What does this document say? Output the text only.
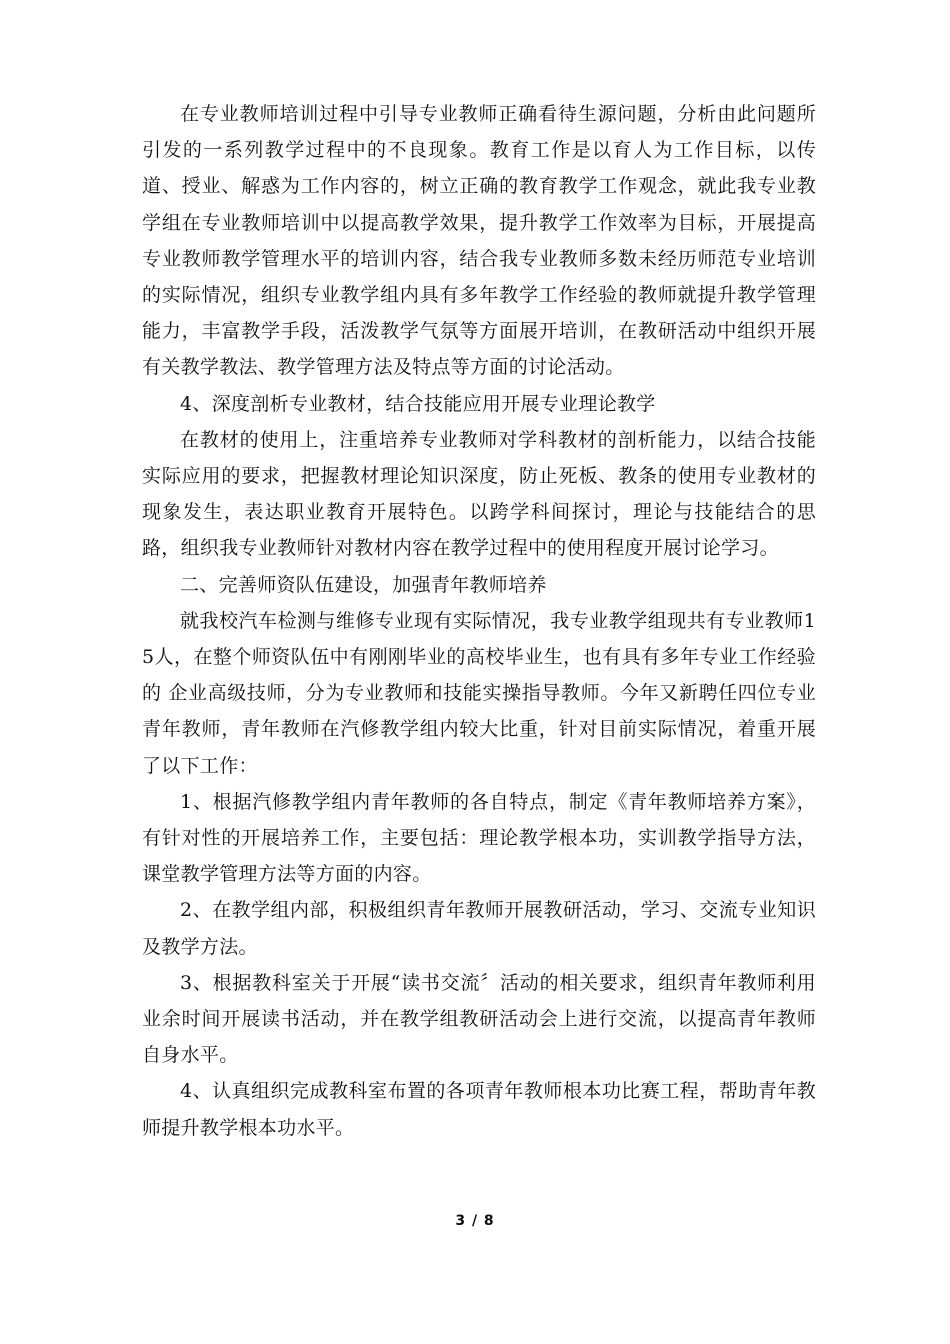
在专业教师培训过程中引导专业教师正确看待生源问题，分析由此问题所引发的一系列教学过程中的不良现象。教育工作是以育人为工作目标，以传道、授业、解惑为工作内容的，树立正确的教育教学工作观念，就此我专业教学组在专业教师培训中以提高教学效果，提升教学工作效率为目标，开展提高专业教师教学管理水平的培训内容，结合我专业教师多数未经历师范专业培训的实际情况，组织专业教学组内具有多年教学工作经验的教师就提升教学管理能力，丰富教学手段，活泼教学气氛等方面展开培训，在教研活动中组织开展有关教学教法、教学管理方法及特点等方面的讨论活动。

4、深度剖析专业教材，结合技能应用开展专业理论教学

在教材的使用上，注重培养专业教师对学科教材的剖析能力，以结合技能实际应用的要求，把握教材理论知识深度，防止死板、教条的使用专业教材的现象发生，表达职业教育开展特色。以跨学科间探讨，理论与技能结合的思路，组织我专业教师针对教材内容在教学过程中的使用程度开展讨论学习。

二、完善师资队伍建设，加强青年教师培养

就我校汽车检测与维修专业现有实际情况，我专业教学组现共有专业教师15人，在整个师资队伍中有刚刚毕业的高校毕业生，也有具有多年专业工作经验的 企业高级技师，分为专业教师和技能实操指导教师。今年又新聘任四位专业青年教师，青年教师在汽修教学组内较大比重，针对目前实际情况，着重开展了以下工作：

1、根据汽修教学组内青年教师的各自特点，制定《青年教师培养方案》，有针对性的开展培养工作，主要包括：理论教学根本功，实训教学指导方法，课堂教学管理方法等方面的内容。

2、在教学组内部，积极组织青年教师开展教研活动，学习、交流专业知识及教学方法。

3、根据教科室关于开展“读书交流〞活动的相关要求，组织青年教师利用业余时间开展读书活动，并在教学组教研活动会上进行交流，以提高青年教师自身水平。

4、认真组织完成教科室布置的各项青年教师根本功比赛工程，帮助青年教师提升教学根本功水平。

3 / 8
